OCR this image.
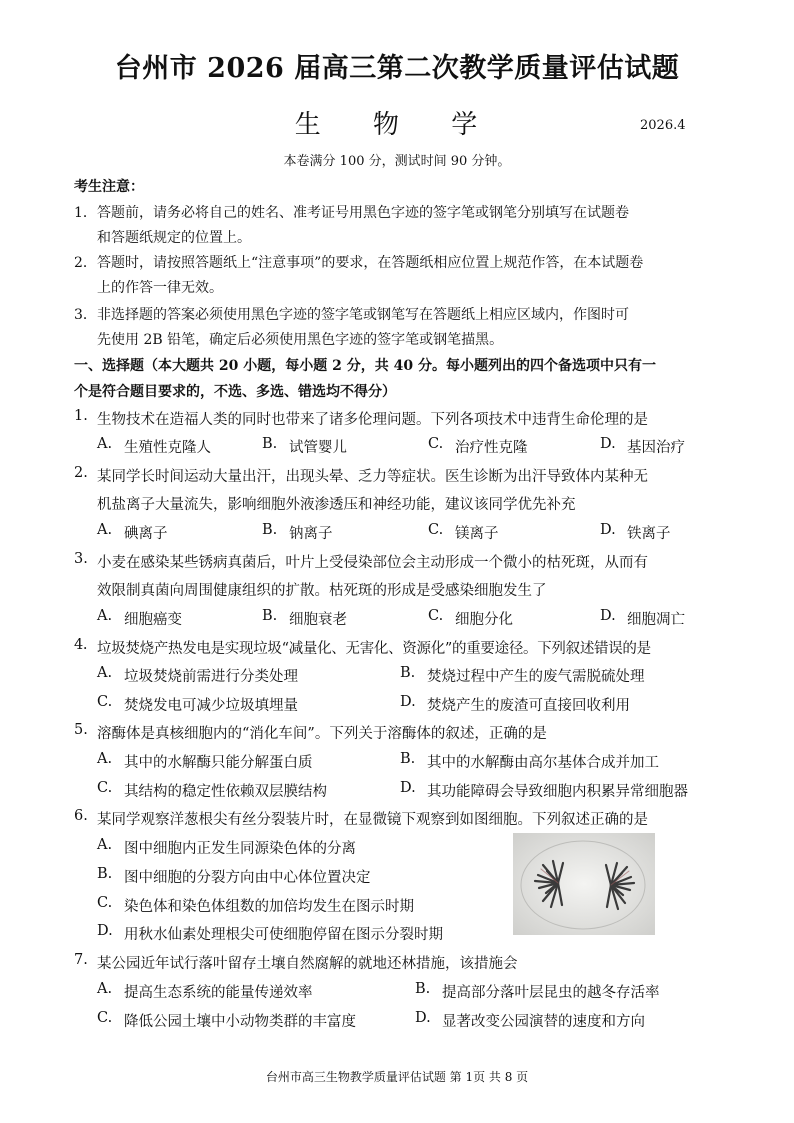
台州市 2026 届高三第二次教学质量评估试题
生 物 学	2026.4
本卷满分 100 分，测试时间 90 分钟。
考生注意：
1． 答题前，请务必将自己的姓名、准考证号用黑色字迹的签字笔或钢笔分别填写在试题卷
和答题纸规定的位置上。
2． 答题时，请按照答题纸上“注意事项”的要求，在答题纸相应位置上规范作答，在本试题卷
上的作答一律无效。
3． 非选择题的答案必须使用黑色字迹的签字笔或钢笔写在答题纸上相应区域内，作图时可
先使用 2B 铅笔，确定后必须使用黑色字迹的签字笔或钢笔描黑。
一、选择题（本大题共 20 小题，每小题 2 分，共 40 分。每小题列出的四个备选项中只有一
个是符合题目要求的，不选、多选、错选均不得分）
1. 生物技术在造福人类的同时也带来了诸多伦理问题。下列各项技术中违背生命伦理的是
A. 生殖性克隆人	B. 试管婴儿	C. 治疗性克隆	D. 基因治疗
2. 某同学长时间运动大量出汗，出现头晕、乏力等症状。医生诊断为出汗导致体内某种无
机盐离子大量流失，影响细胞外液渗透压和神经功能，建议该同学优先补充
A. 碘离子	B. 钠离子	C. 镁离子	D. 铁离子
3. 小麦在感染某些锈病真菌后，叶片上受侵染部位会主动形成一个微小的枯死斑，从而有
效限制真菌向周围健康组织的扩散。枯死斑的形成是受感染细胞发生了
A. 细胞癌变	B. 细胞衰老	C. 细胞分化	D. 细胞凋亡
4. 垃圾焚烧产热发电是实现垃圾“减量化、无害化、资源化”的重要途径。下列叙述错误的是
A. 垃圾焚烧前需进行分类处理	B. 焚烧过程中产生的废气需脱硫处理
C. 焚烧发电可减少垃圾填埋量	D. 焚烧产生的废渣可直接回收利用
5. 溶酶体是真核细胞内的“消化车间”。下列关于溶酶体的叙述，正确的是
A. 其中的水解酶只能分解蛋白质	B. 其中的水解酶由高尔基体合成并加工
C. 其结构的稳定性依赖双层膜结构	D. 其功能障碍会导致细胞内积累异常细胞器
6. 某同学观察洋葱根尖有丝分裂装片时，在显微镜下观察到如图细胞。下列叙述正确的是
A. 图中细胞内正发生同源染色体的分离
B. 图中细胞的分裂方向由中心体位置决定
C. 染色体和染色体组数的加倍均发生在图示时期
D. 用秋水仙素处理根尖可使细胞停留在图示分裂时期
7. 某公园近年试行落叶留存土壤自然腐解的就地还林措施，该措施会
A. 提高生态系统的能量传递效率	B. 提高部分落叶层昆虫的越冬存活率
C. 降低公园土壤中小动物类群的丰富度	D. 显著改变公园演替的速度和方向
台州市高三生物教学质量评估试题 第 1页 共 8 页
